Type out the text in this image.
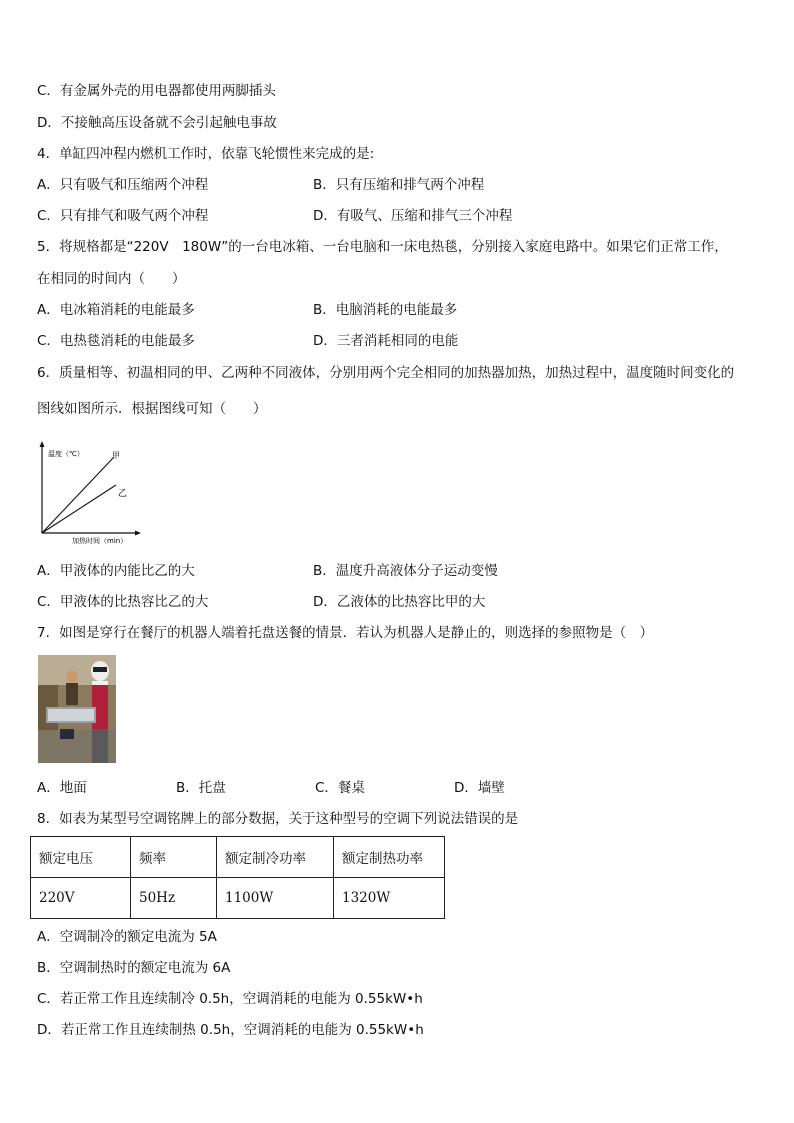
C．有金属外壳的用电器都使用两脚插头
D．不接触高压设备就不会引起触电事故
4．单缸四冲程内燃机工作时，依靠飞轮惯性来完成的是:
A．只有吸气和压缩两个冲程	B．只有压缩和排气两个冲程
C．只有排气和吸气两个冲程	D．有吸气、压缩和排气三个冲程
5．将规格都是“220V　180W”的一台电冰箱、一台电脑和一床电热毯，分别接入家庭电路中。如果它们正常工作，
在相同的时间内（　　）
A．电冰箱消耗的电能最多	B．电脑消耗的电能最多
C．电热毯消耗的电能最多	D．三者消耗相同的电能
6．质量相等、初温相同的甲、乙两种不同液体，分别用两个完全相同的加热器加热，加热过程中，温度随时间变化的
图线如图所示．根据图线可知（　　）
温度（℃）
加热时间（min）
甲
乙
A．甲液体的内能比乙的大	B．温度升高液体分子运动变慢
C．甲液体的比热容比乙的大	D．乙液体的比热容比甲的大
7．如图是穿行在餐厅的机器人端着托盘送餐的情景．若认为机器人是静止的，则选择的参照物是（　）
A．地面	B．托盘	C．餐桌	D．墙壁
8．如表为某型号空调铭牌上的部分数据，关于这种型号的空调下列说法错误的是
额定电压	频率	额定制冷功率	额定制热功率
220V	50Hz	1100W	1320W
A．空调制冷的额定电流为 5A
B．空调制热时的额定电流为 6A
C．若正常工作且连续制冷 0.5h，空调消耗的电能为 0.55kW•h
D．若正常工作且连续制热 0.5h，空调消耗的电能为 0.55kW•h
